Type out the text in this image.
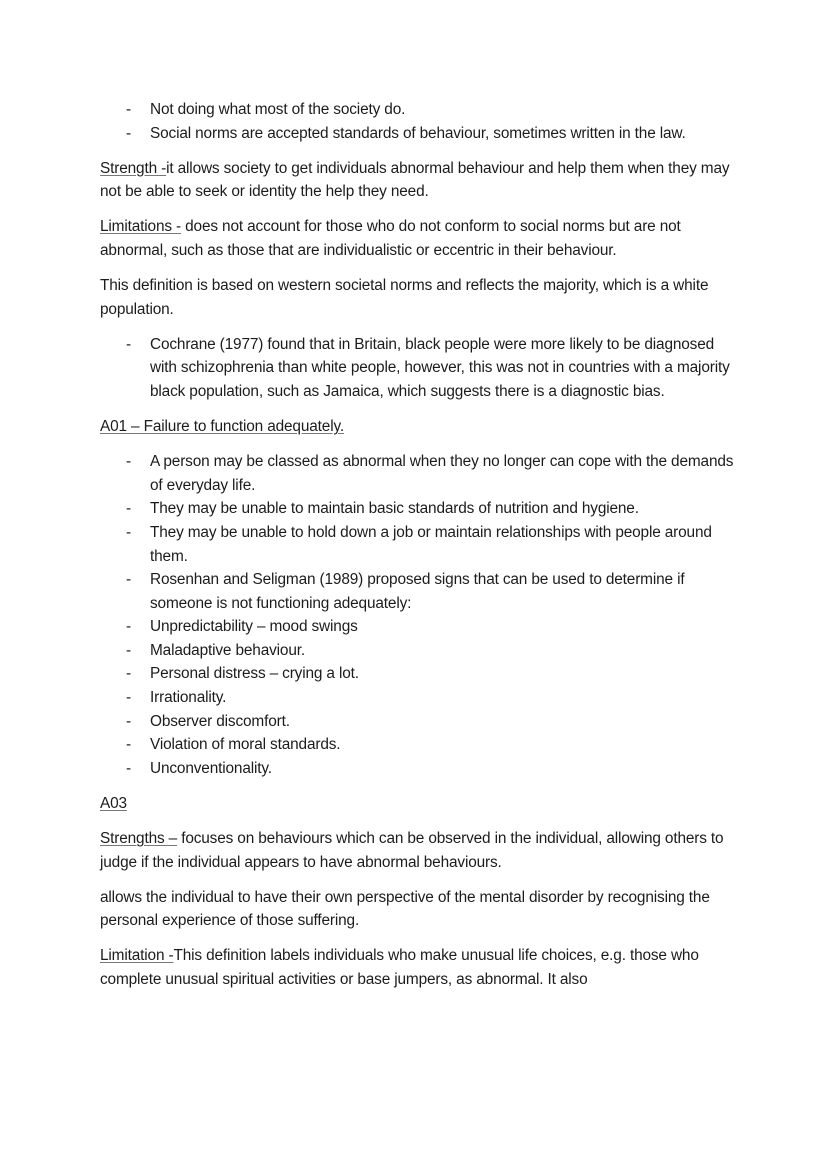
- Not doing what most of the society do.
- Social norms are accepted standards of behaviour, sometimes written in the law.

Strength -it allows society to get individuals abnormal behaviour and help them when they may not be able to seek or identity the help they need.

Limitations - does not account for those who do not conform to social norms but are not abnormal, such as those that are individualistic or eccentric in their behaviour.

This definition is based on western societal norms and reflects the majority, which is a white population.

- Cochrane (1977) found that in Britain, black people were more likely to be diagnosed with schizophrenia than white people, however, this was not in countries with a majority black population, such as Jamaica, which suggests there is a diagnostic bias.

A01 – Failure to function adequately.

- A person may be classed as abnormal when they no longer can cope with the demands of everyday life.
- They may be unable to maintain basic standards of nutrition and hygiene.
- They may be unable to hold down a job or maintain relationships with people around them.
- Rosenhan and Seligman (1989) proposed signs that can be used to determine if someone is not functioning adequately:
- Unpredictability – mood swings
- Maladaptive behaviour.
- Personal distress – crying a lot.
- Irrationality.
- Observer discomfort.
- Violation of moral standards.
- Unconventionality.

A03

Strengths – focuses on behaviours which can be observed in the individual, allowing others to judge if the individual appears to have abnormal behaviours.

allows the individual to have their own perspective of the mental disorder by recognising the personal experience of those suffering.

Limitation -This definition labels individuals who make unusual life choices, e.g. those who complete unusual spiritual activities or base jumpers, as abnormal. It also
